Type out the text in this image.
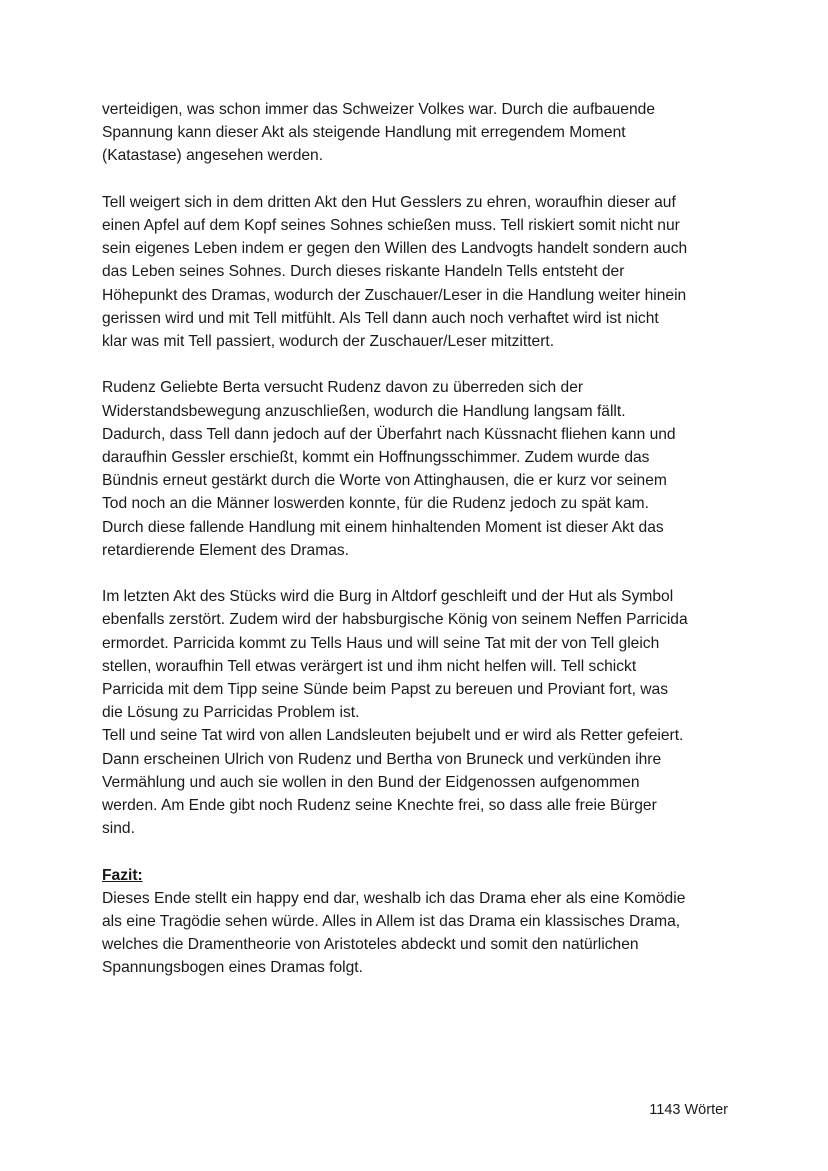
verteidigen, was schon immer das Schweizer Volkes war. Durch die aufbauende
Spannung kann dieser Akt als steigende Handlung mit erregendem Moment
(Katastase) angesehen werden.

Tell weigert sich in dem dritten Akt den Hut Gesslers zu ehren, woraufhin dieser auf
einen Apfel auf dem Kopf seines Sohnes schießen muss. Tell riskiert somit nicht nur
sein eigenes Leben indem er gegen den Willen des Landvogts handelt sondern auch
das Leben seines Sohnes. Durch dieses riskante Handeln Tells entsteht der
Höhepunkt des Dramas, wodurch der Zuschauer/Leser in die Handlung weiter hinein
gerissen wird und mit Tell mitfühlt. Als Tell dann auch noch verhaftet wird ist nicht
klar was mit Tell passiert, wodurch der Zuschauer/Leser mitzittert.

Rudenz Geliebte Berta versucht Rudenz davon zu überreden sich der
Widerstandsbewegung anzuschließen, wodurch die Handlung langsam fällt.
Dadurch, dass Tell dann jedoch auf der Überfahrt nach Küssnacht fliehen kann und
daraufhin Gessler erschießt, kommt ein Hoffnungsschimmer. Zudem wurde das
Bündnis erneut gestärkt durch die Worte von Attinghausen, die er kurz vor seinem
Tod noch an die Männer loswerden konnte, für die Rudenz jedoch zu spät kam.
Durch diese fallende Handlung mit einem hinhaltenden Moment ist dieser Akt das
retardierende Element des Dramas.

Im letzten Akt des Stücks wird die Burg in Altdorf geschleift und der Hut als Symbol
ebenfalls zerstört. Zudem wird der habsburgische König von seinem Neffen Parricida
ermordet. Parricida kommt zu Tells Haus und will seine Tat mit der von Tell gleich
stellen, woraufhin Tell etwas verärgert ist und ihm nicht helfen will. Tell schickt
Parricida mit dem Tipp seine Sünde beim Papst zu bereuen und Proviant fort, was
die Lösung zu Parricidas Problem ist.
Tell und seine Tat wird von allen Landsleuten bejubelt und er wird als Retter gefeiert.
Dann erscheinen Ulrich von Rudenz und Bertha von Bruneck und verkünden ihre
Vermählung und auch sie wollen in den Bund der Eidgenossen aufgenommen
werden. Am Ende gibt noch Rudenz seine Knechte frei, so dass alle freie Bürger
sind.

Fazit:
Dieses Ende stellt ein happy end dar, weshalb ich das Drama eher als eine Komödie
als eine Tragödie sehen würde. Alles in Allem ist das Drama ein klassisches Drama,
welches die Dramentheorie von Aristoteles abdeckt und somit den natürlichen
Spannungsbogen eines Dramas folgt.

1143 Wörter
